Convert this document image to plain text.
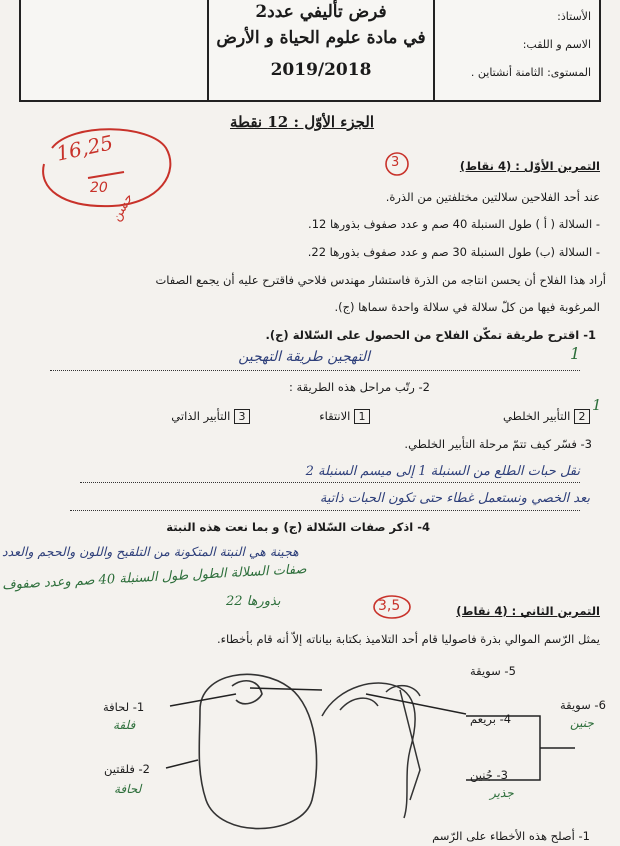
الأستاذ:
الاسم و اللقب:
المستوى: الثامنة أنشتاين .
فرض تأليفي عدد2
في مادة علوم الحياة و الأرض
2019/2018
الجزء الأوّل : 12 نقطة
16,25
20
حسن
التمرين الأوّل : (4 نقاط)
3
عند أحد الفلاحين سلالتين مختلفتين من الذرة.
- السلالة ( أ ) طول السنبلة 40 صم و عدد صفوف بذورها 12.
- السلالة (ب) طول السنبلة 30 صم و عدد صفوف بذورها 22.
أراد هذا الفلاح أن يحسن انتاجه من الذرة فاستشار مهندس فلاحي فاقترح عليه أن يجمع الصفات
المرغوبة فيها من كلّ سلالة في سلالة واحدة سماها (ج).
1- اقترح طريقة تمكّن الفلاح من الحصول على السّلالة (ج).
التهجين طريقة التهجين	1
2- رتّب مراحل هذه الطريقة :
2 التأبير الخلطي
1 الانتقاء
3 التأبير الذاتي
1
3- فسّر كيف تتمّ مرحلة التأبير الخلطي.
نقل حبات الطلع من السنبلة 1 إلى ميسم السنبلة 2
بعد الخصي ونستعمل غطاء حتى تكون الحبات ذاتية
4- اذكر صفات السّلالة (ج) و بما نعت هذه النبتة
هجينة هي النبتة المتكونة من التلقيح واللون والحجم والعدد
صفات السلالة الطول طول السنبلة 40 صم وعدد صفوف
بذورها 22
التمرين الثاني : (4 نقاط)
3,5
يمثل الرّسم الموالي بذرة فاصوليا قام أحد التلاميذ بكتابة بياناته إلاّ أنه قام بأخطاء.
1- لحافة
فلقة
2- فلقتين
لحافة
5- سويقة
4- بريعم
3- جُنين
جذير
6- سويقة
جنين
1- أصلح هذه الأخطاء على الرّسم
